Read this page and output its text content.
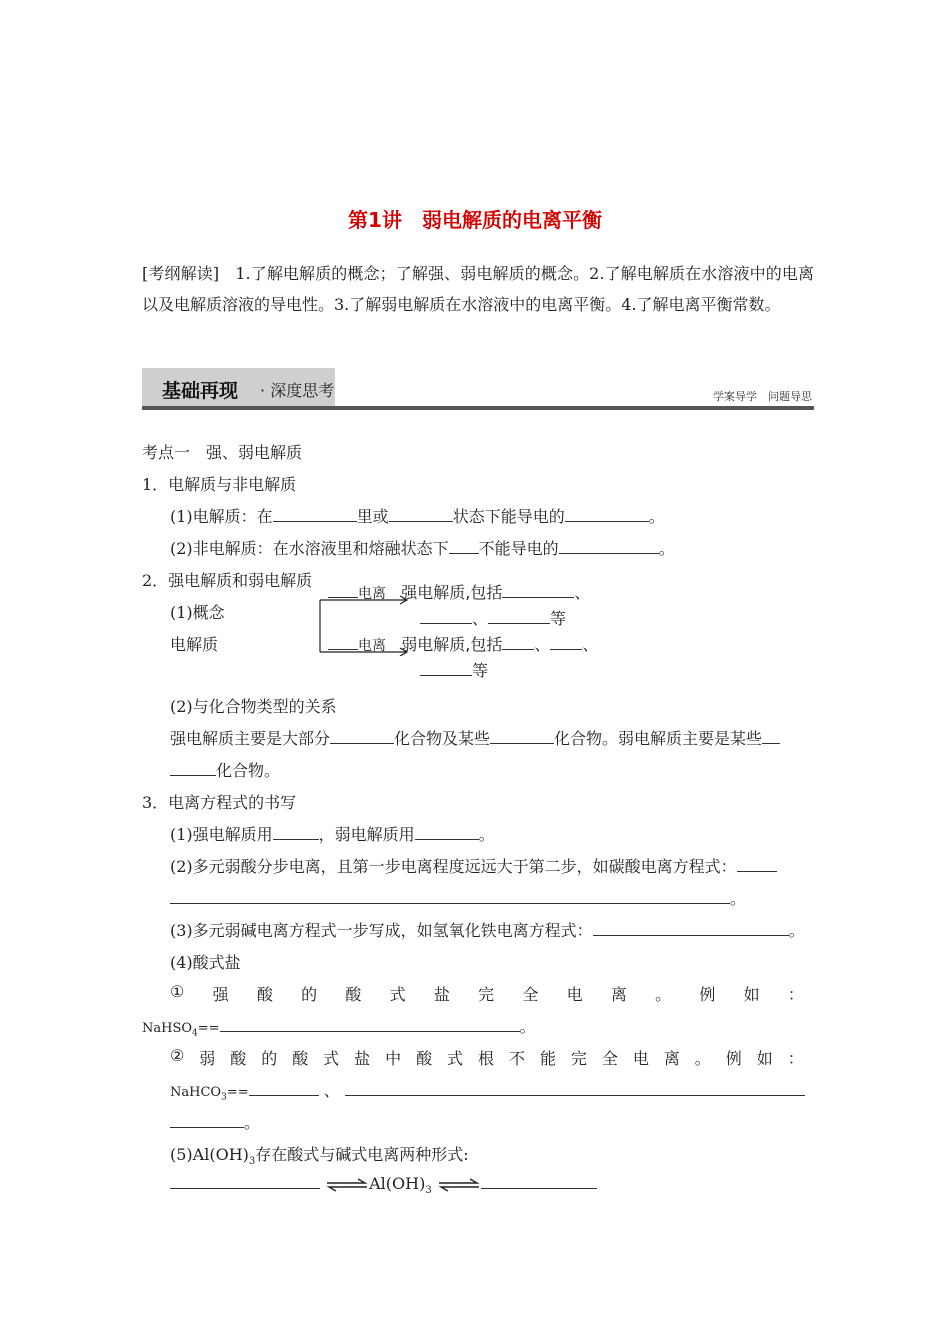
第1讲　弱电解质的电离平衡
[考纲解读]　1.了解电解质的概念；了解强、弱电解质的概念。2.了解电解质在水溶液中的电离以及电解质溶液的导电性。3.了解弱电解质在水溶液中的电离平衡。4.了解电离平衡常数。
基础再现 · 深度思考	学案导学　问题导思
考点一　强、弱电解质
1．电解质与非电解质
(1)电解质：在	里或	状态下能导电的	。
(2)非电解质：在水溶液里和熔融状态下 不能导电的	。
2．强电解质和弱电解质
(1)概念
电解质
电离 强电解质,包括	、
、	等
电离 弱电解质,包括 、 、
等
(2)与化合物类型的关系
强电解质主要是大部分	化合物及某些	化合物。弱电解质主要是某些
化合物。
3．电离方程式的书写
(1)强电解质用	，弱电解质用	。
(2)多元弱酸分步电离，且第一步电离程度远远大于第二步，如碳酸电离方程式：
。
(3)多元弱碱电离方程式一步写成，如氢氧化铁电离方程式：	。
(4)酸式盐
① 强 酸 的 酸 式 盐 完 全 电 离 。 例 如 ：
NaHSO$_4$==	。
② 弱 酸 的 酸 式 盐 中 酸 式 根 不 能 完 全 电 离 。 例 如 ：
NaHCO$_3$==	、
。
$(5)Al(OH)_3$存在酸式与碱式电离两种形式:
$\rightleftharpoons Al(OH)_3$ ⇌
